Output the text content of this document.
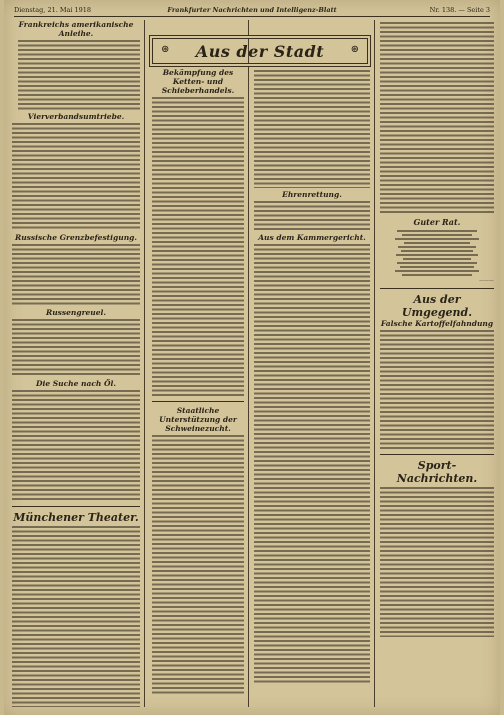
Dienstag, 21. Mai 1918	Frankfurter Nachrichten und Intelligenz-Blatt	Nr. 138. — Seite 3

Frankreichs amerikanische Anleihe.

Vierverbandsumtriebe.

Russische Grenzbefestigung.

Russengreuel.

Die Suche nach Öl.

Münchener Theater.

⊛ Aus der Stadt	⊛

Bekämpfung des Ketten- und Schieberhandels.

Staatliche Unterstützung der Schweinezucht.

Ehrenrettung.

Aus dem Kammergericht.

Guter Rat.

———

Aus der Umgegend.

Falsche Kartoffelfahndung

Sport-Nachrichten.
